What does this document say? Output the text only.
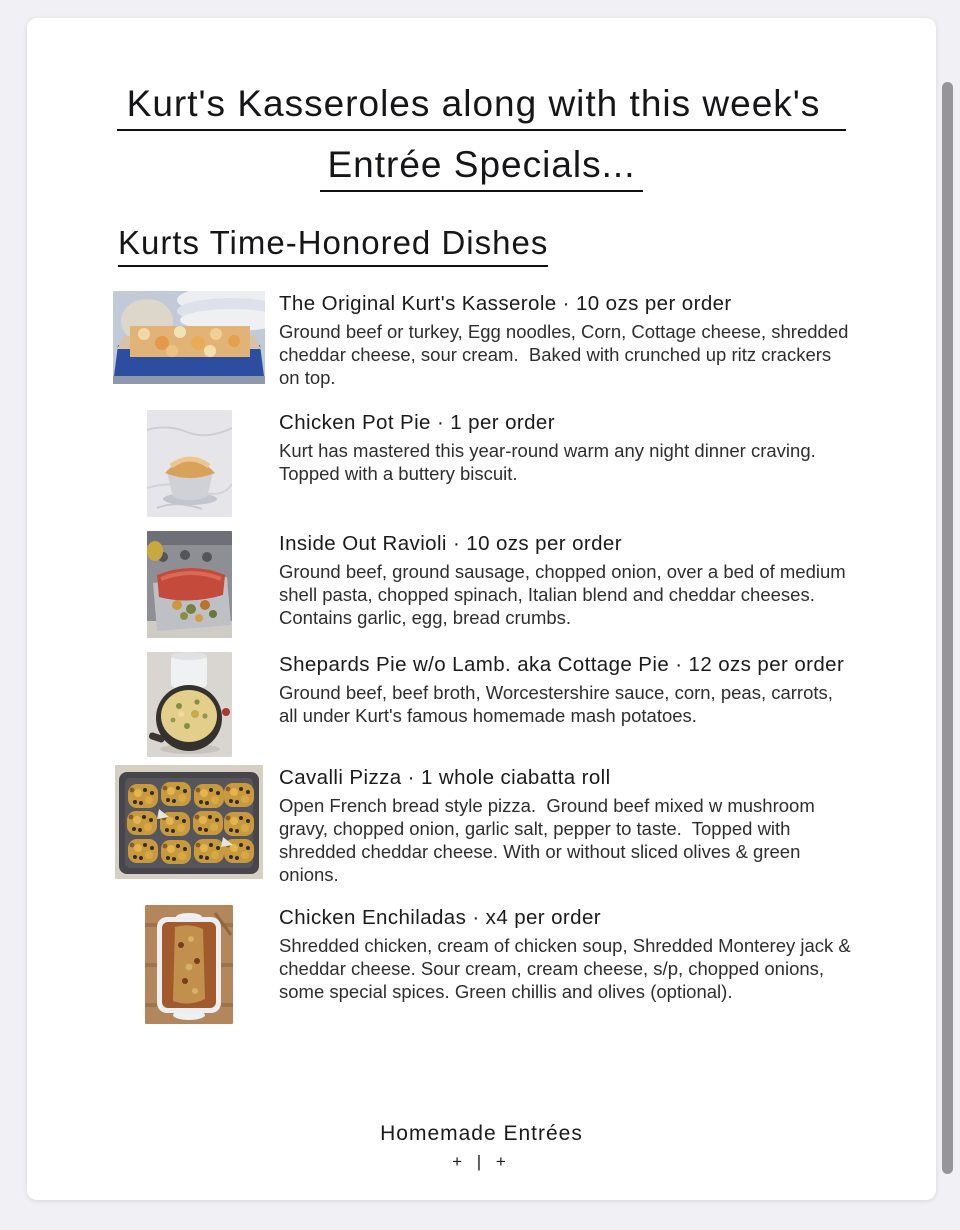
Kurt's Kasseroles along with this week's
Entrée Specials...
Kurts Time-Honored Dishes
The Original Kurt's Kasserole · 10 ozs per order
Ground beef or turkey, Egg noodles, Corn, Cottage cheese, shredded cheddar cheese, sour cream.  Baked with crunched up ritz crackers on top.
Chicken Pot Pie · 1 per order
Kurt has mastered this year-round warm any night dinner craving.  Topped with a buttery biscuit.
Inside Out Ravioli · 10 ozs per order
Ground beef, ground sausage, chopped onion, over a bed of medium shell pasta, chopped spinach, Italian blend and cheddar cheeses.  Contains garlic, egg, bread crumbs.
Shepards Pie w/o Lamb. aka Cottage Pie · 12 ozs per order
Ground beef, beef broth, Worcestershire sauce, corn, peas, carrots, all under Kurt's famous homemade mash potatoes.
Cavalli Pizza · 1 whole ciabatta roll
Open French bread style pizza.  Ground beef mixed w mushroom gravy, chopped onion, garlic salt, pepper to taste.  Topped with shredded cheddar cheese. With or without sliced olives & green onions.
Chicken Enchiladas · x4 per order
Shredded chicken, cream of chicken soup, Shredded Monterey jack & cheddar cheese. Sour cream, cream cheese, s/p, chopped onions, some special spices. Green chillis and olives (optional).
Homemade Entrées
+ | +
